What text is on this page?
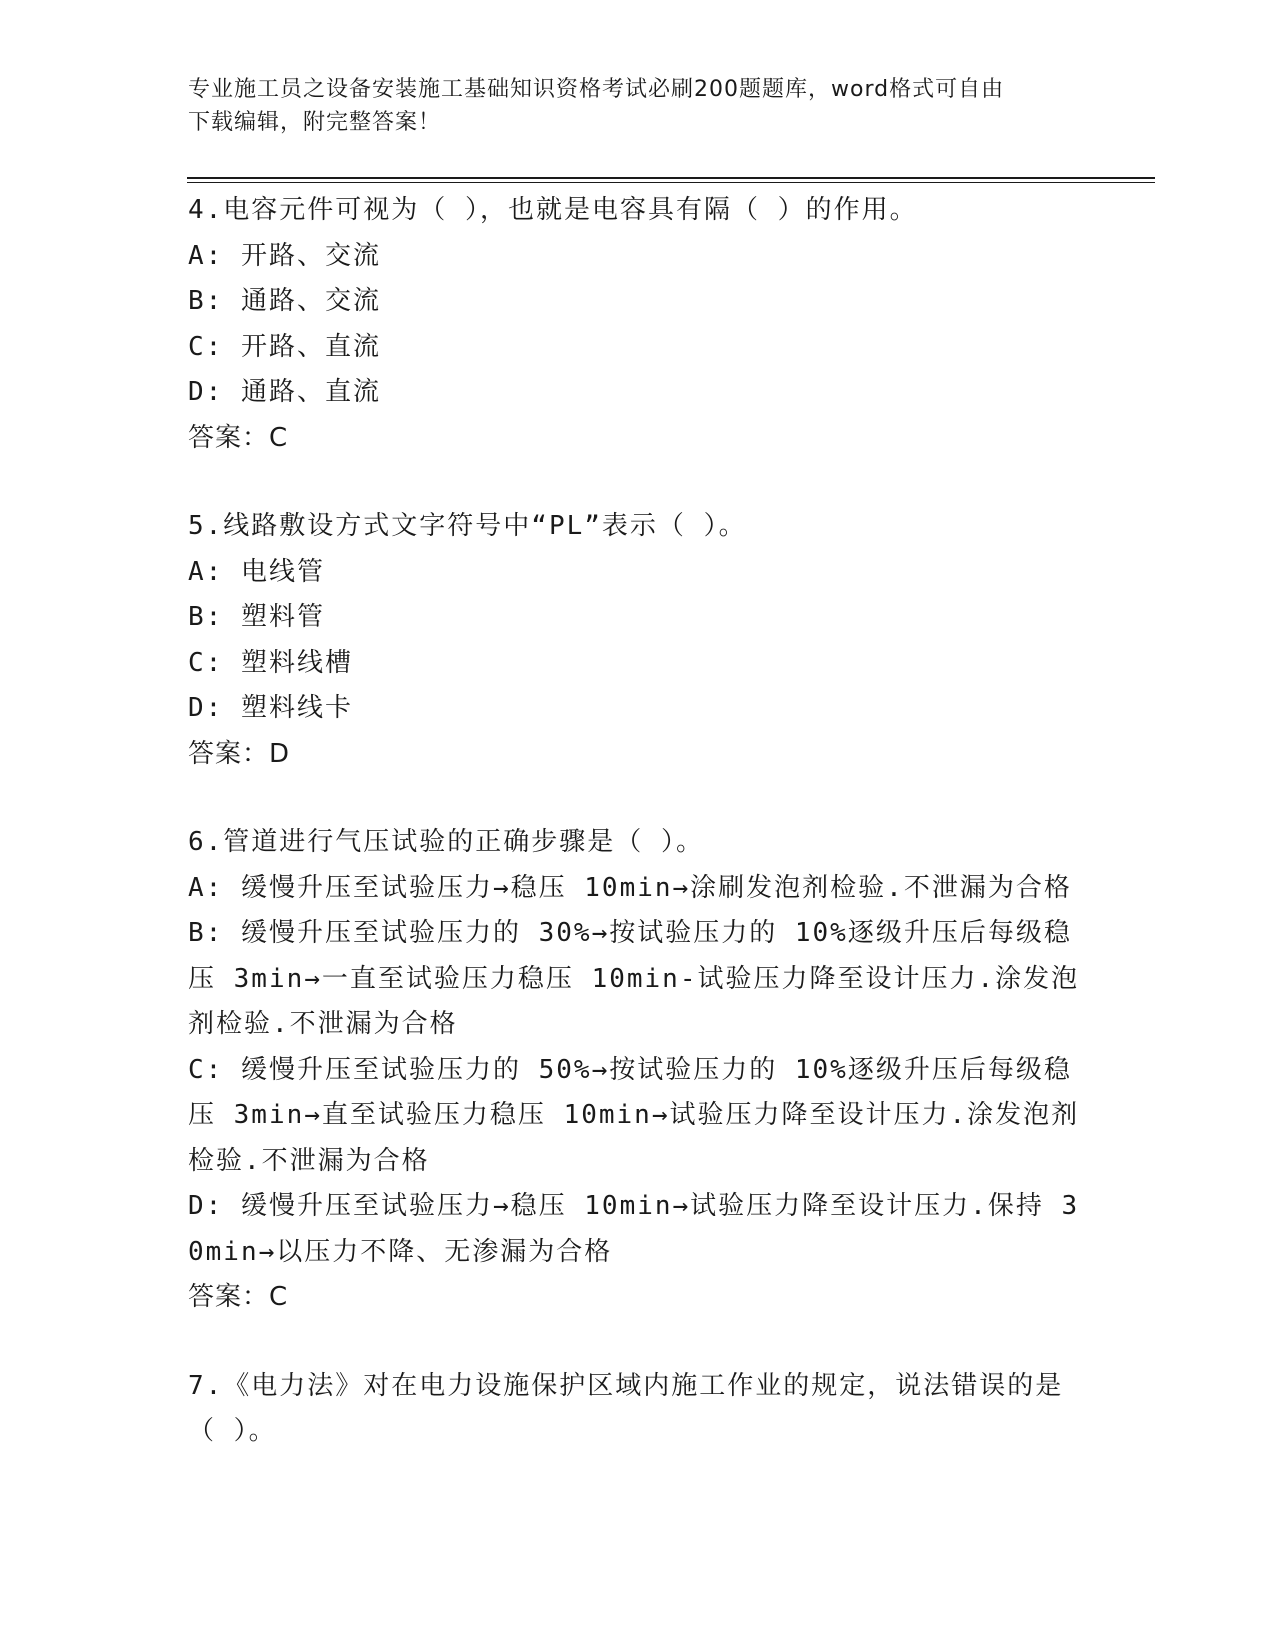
专业施工员之设备安装施工基础知识资格考试必刷200题题库，word格式可自由
下载编辑，附完整答案！
4.电容元件可视为（ ），也就是电容具有隔（ ）的作用。
A: 开路、交流
B: 通路、交流
C: 开路、直流
D: 通路、直流
答案：C
5.线路敷设方式文字符号中“PL”表示（ ）。
A: 电线管
B: 塑料管
C: 塑料线槽
D: 塑料线卡
答案：D
6.管道进行气压试验的正确步骤是（ ）。
A: 缓慢升压至试验压力→稳压 10min→涂刷发泡剂检验.不泄漏为合格
B: 缓慢升压至试验压力的 30%→按试验压力的 10%逐级升压后每级稳压 3min→一直至试验压力稳压 10min-试验压力降至设计压力.涂发泡剂检验.不泄漏为合格
C: 缓慢升压至试验压力的 50%→按试验压力的 10%逐级升压后每级稳压 3min→直至试验压力稳压 10min→试验压力降至设计压力.涂发泡剂检验.不泄漏为合格
D: 缓慢升压至试验压力→稳压 10min→试验压力降至设计压力.保持 30min→以压力不降、无渗漏为合格
答案：C
7.《电力法》对在电力设施保护区域内施工作业的规定，说法错误的是（ ）。
